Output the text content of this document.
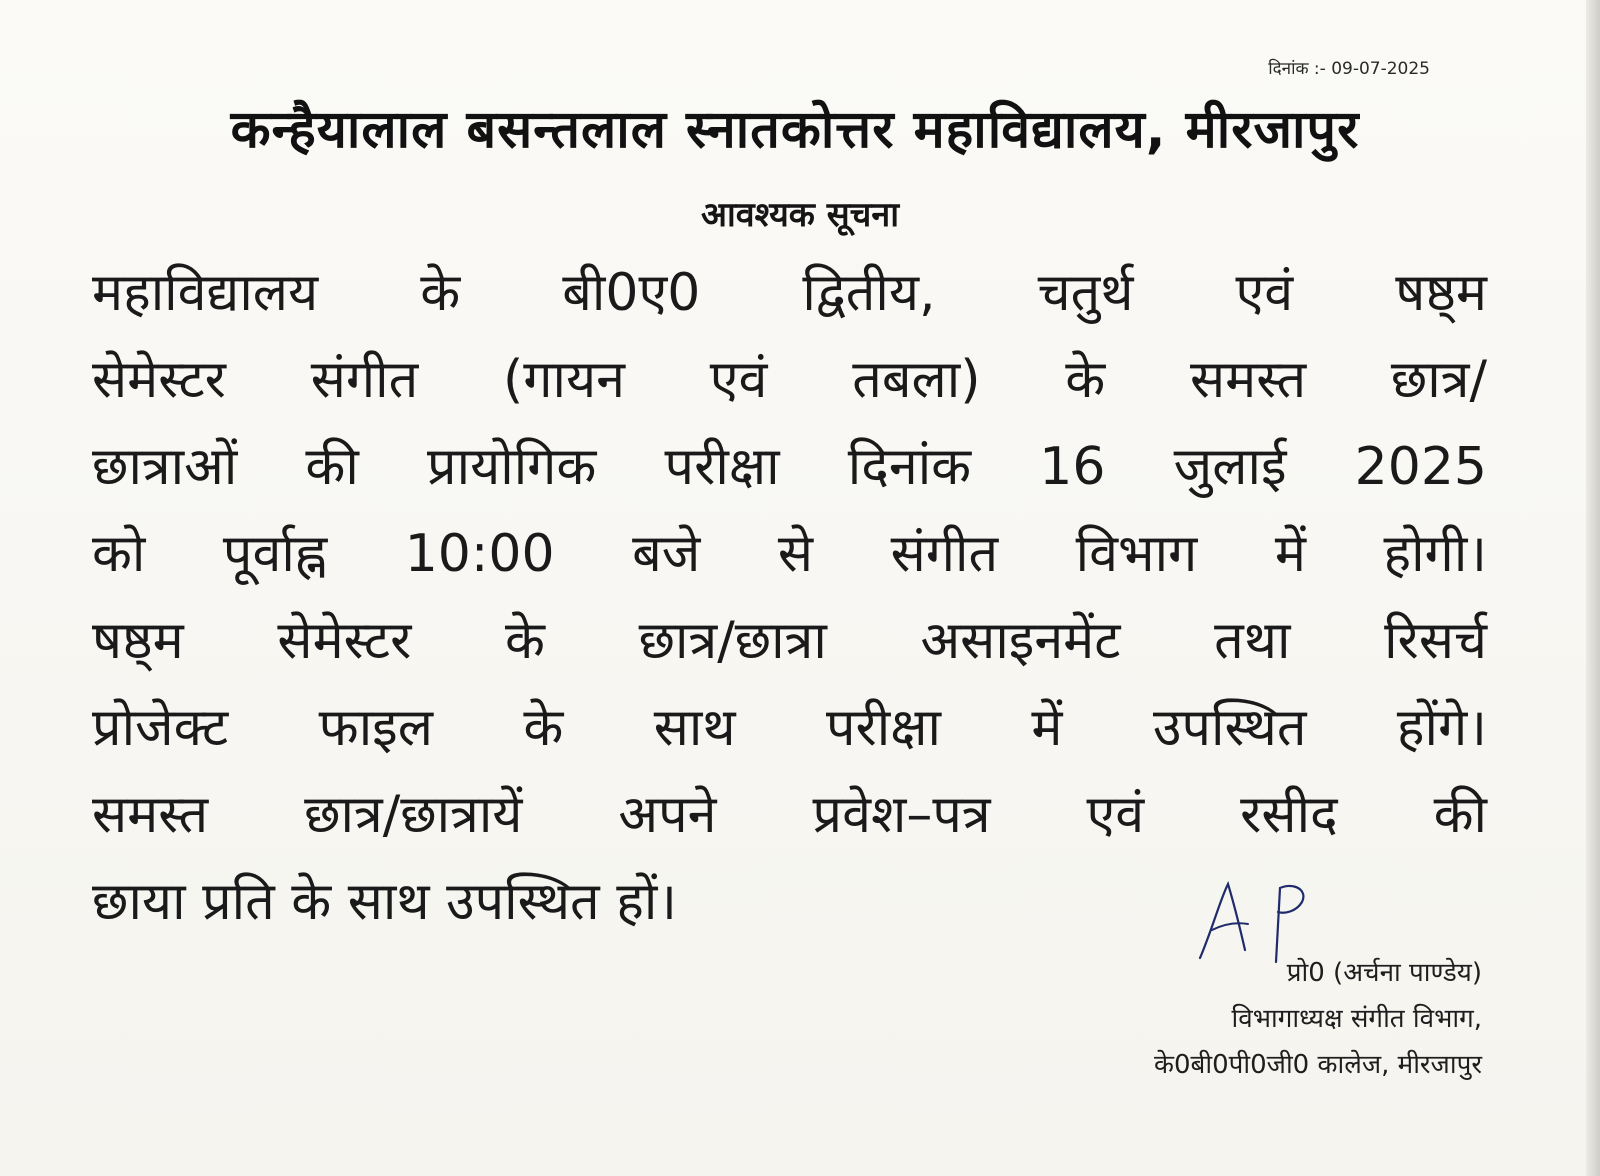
दिनांक :- 09-07-2025
कन्हैयालाल बसन्तलाल स्नातकोत्तर महाविद्यालय, मीरजापुर
आवश्यक सूचना
महाविद्यालय के बी0ए0 द्वितीय, चतुर्थ एवं षष्ठ्म
सेमेस्टर संगीत (गायन एवं तबला) के समस्त छात्र/
छात्राओं की प्रायोगिक परीक्षा दिनांक 16 जुलाई 2025
को पूर्वाह्न 10:00 बजे से संगीत विभाग में होगी।
षष्ठ्म सेमेस्टर के छात्र/छात्रा असाइनमेंट तथा रिसर्च
प्रोजेक्ट फाइल के साथ परीक्षा में उपस्थित होंगे।
समस्त छात्र/छात्रायें अपने प्रवेश–पत्र एवं रसीद की
छाया प्रति के साथ उपस्थित हों।
प्रो0 (अर्चना पाण्डेय)
विभागाध्यक्ष संगीत विभाग,
के0बी0पी0जी0 कालेज, मीरजापुर
